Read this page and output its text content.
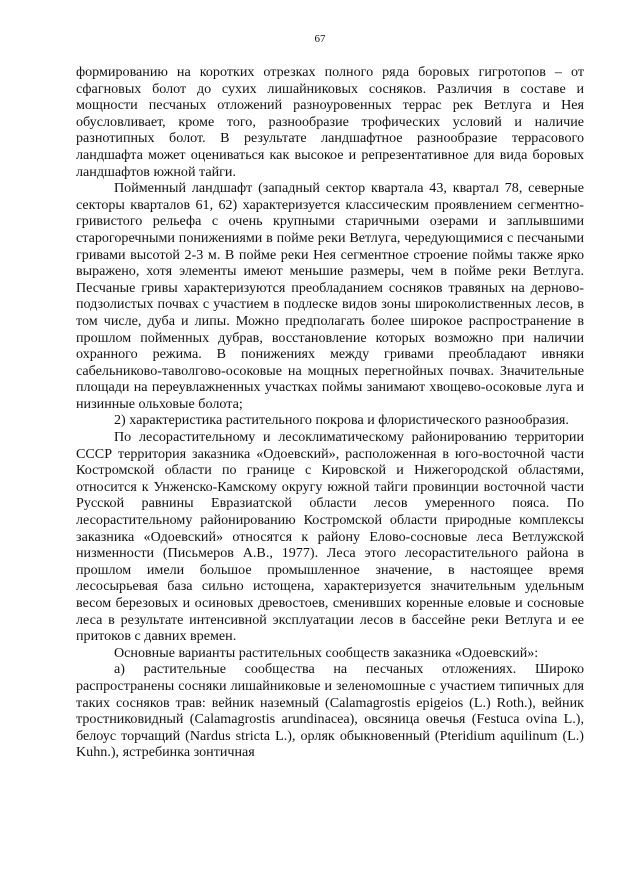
67

формированию на коротких отрезках полного ряда боровых гигротопов – от сфагновых болот до сухих лишайниковых сосняков. Различия в составе и мощности песчаных отложений разноуровенных террас рек Ветлуга и Нея обусловливает, кроме того, разнообразие трофических условий и наличие разнотипных болот. В результате ландшафтное разнообразие террасового ландшафта может оцениваться как высокое и репрезентативное для вида боровых ландшафтов южной тайги.

Пойменный ландшафт (западный сектор квартала 43, квартал 78, северные секторы кварталов 61, 62) характеризуется классическим проявлением сегментно-гривистого рельефа с очень крупными старичными озерами и заплывшими старогоречными понижениями в пойме реки Ветлуга, чередующимися с песчаными гривами высотой 2-3 м. В пойме реки Нея сегментное строение поймы также ярко выражено, хотя элементы имеют меньшие размеры, чем в пойме реки Ветлуга. Песчаные гривы характеризуются преобладанием сосняков травяных на дерново-подзолистых почвах с участием в подлеске видов зоны широколиственных лесов, в том числе, дуба и липы. Можно предполагать более широкое распространение в прошлом пойменных дубрав, восстановление которых возможно при наличии охранного режима. В понижениях между гривами преобладают ивняки сабельниково-таволгово-осоковые на мощных перегнойных почвах. Значительные площади на переувлажненных участках поймы занимают хвощево-осоковые луга и низинные ольховые болота;

2) характеристика растительного покрова и флористического разнообразия.

По лесорастительному и лесоклиматическому районированию территории СССР территория заказника «Одоевский», расположенная в юго-восточной части Костромской области по границе с Кировской и Нижегородской областями, относится к Унженско-Камскому округу южной тайги провинции восточной части Русской равнины Евразиатской области лесов умеренного пояса. По лесорастительному районированию Костромской области природные комплексы заказника «Одоевский» относятся к району Елово-сосновые леса Ветлужской низменности (Письмеров А.В., 1977). Леса этого лесорастительного района в прошлом имели большое промышленное значение, в настоящее время лесосырьевая база сильно истощена, характеризуется значительным удельным весом березовых и осиновых древостоев, сменивших коренные еловые и сосновые леса в результате интенсивной эксплуатации лесов в бассейне реки Ветлуга и ее притоков с давних времен.

Основные варианты растительных сообществ заказника «Одоевский»:

а) растительные сообщества на песчаных отложениях. Широко распространены сосняки лишайниковые и зеленомошные с участием типичных для таких сосняков трав: вейник наземный (Calamagrostis epigeios (L.) Roth.), вейник тростниковидный (Calamagrostis arundinacea), овсяница овечья (Festuca ovina L.), белоус торчащий (Nardus stricta L.), орляк обыкновенный (Pteridium aquilinum (L.) Kuhn.), ястребинка зонтичная
